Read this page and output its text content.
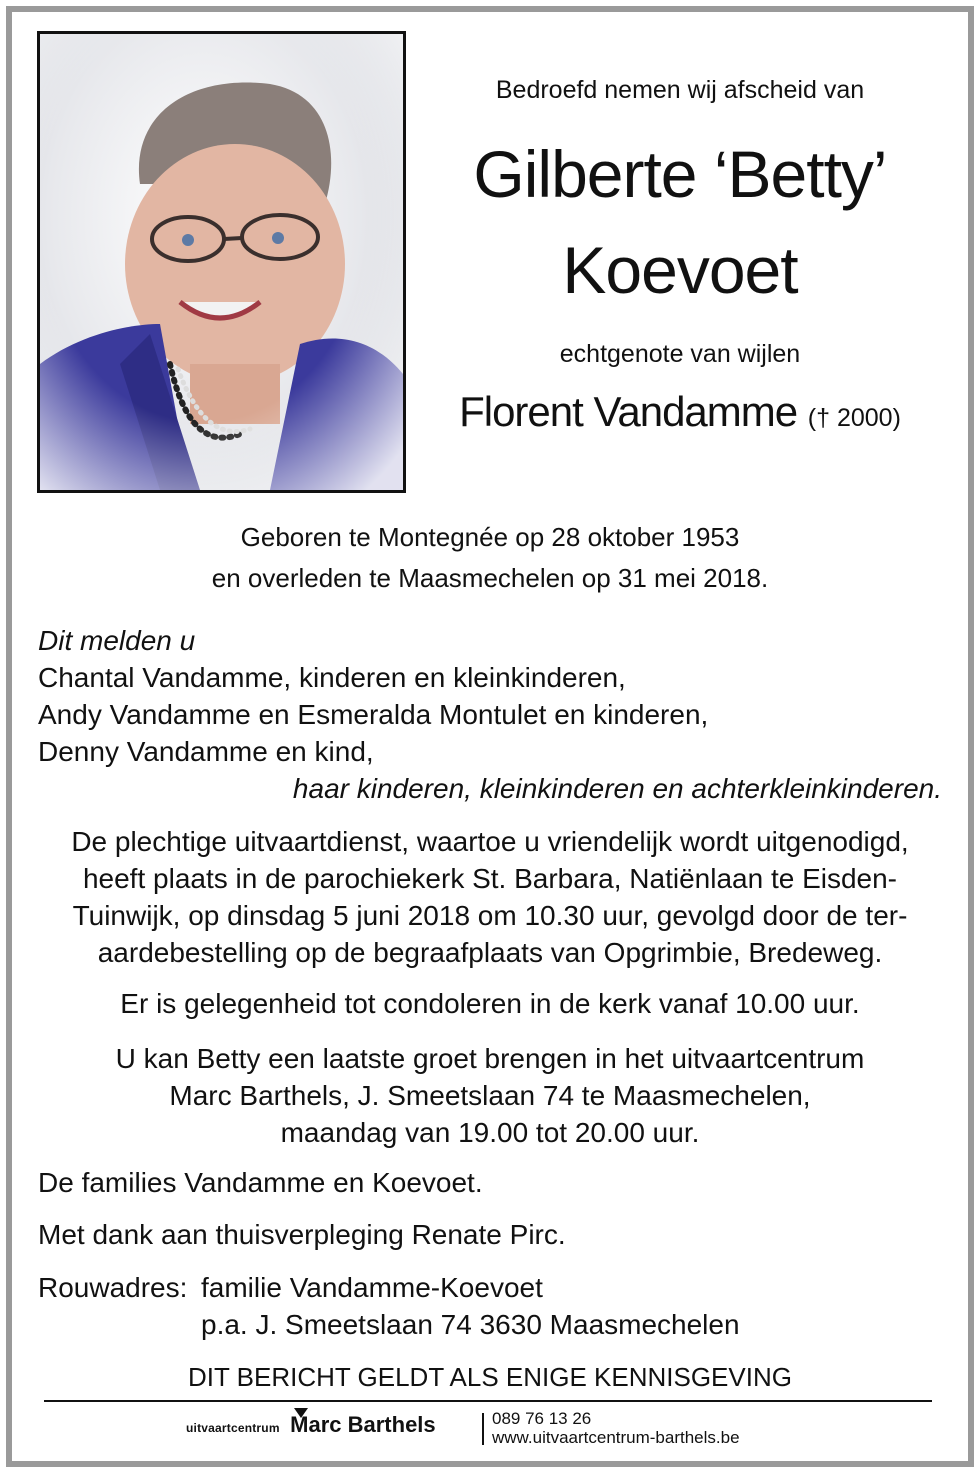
Bedroefd nemen wij afscheid van
Gilberte ‘Betty’
Koevoet
echtgenote van wijlen
Florent Vandamme († 2000)
Geboren te Montegnée op 28 oktober 1953
en overleden te Maasmechelen op 31 mei 2018.
Dit melden u
Chantal Vandamme, kinderen en kleinkinderen,
Andy Vandamme en Esmeralda Montulet en kinderen,
Denny Vandamme en kind,
haar kinderen, kleinkinderen en achterkleinkinderen.
De plechtige uitvaartdienst, waartoe u vriendelijk wordt uitgenodigd,
heeft plaats in de parochiekerk St. Barbara, Natiënlaan te Eisden-
Tuinwijk, op dinsdag 5 juni 2018 om 10.30 uur, gevolgd door de ter-
aardebestelling op de begraafplaats van Opgrimbie, Bredeweg.
Er is gelegenheid tot condoleren in de kerk vanaf 10.00 uur.
U kan Betty een laatste groet brengen in het uitvaartcentrum
Marc Barthels, J. Smeetslaan 74 te Maasmechelen,
maandag van 19.00 tot 20.00 uur.
De families Vandamme en Koevoet.
Met dank aan thuisverpleging Renate Pirc.
Rouwadres: familie Vandamme-Koevoet
p.a. J. Smeetslaan 74 3630 Maasmechelen
DIT BERICHT GELDT ALS ENIGE KENNISGEVING
uitvaartcentrum Marc Barthels	089 76 13 26
www.uitvaartcentrum-barthels.be
